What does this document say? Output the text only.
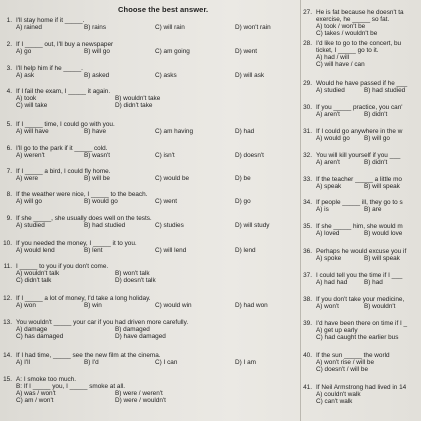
Choose the best answer.
1. I'll stay home if it _____.
A) rained	B) rains	C) will rain	D) won't rain
2. If I _____ out, I'll buy a newspaper
A) go	B) will go	C) am going	D) went
3. I'll help him if he _____.
A) ask	B) asked	C) asks	D) will ask
4. If I fail the exam, I _____ it again.
A) took	B) wouldn't take
C) will take	D) didn't take
5. If I _____ time, I could go with you.
A) will have	B) have	C) am having	D) had
6. I'll go to the park if it _____ cold.
A) weren't	B) wasn't	C) isn't	D) doesn't
7. If I _____ a bird, I could fly home.
A) were	B) will be	C) would be	D) be
8. If the weather were nice, I _____ to the beach.
A) will go	B) would go	C) went	D) go
9. If she _____, she usually does well on the tests.
A) studied	B) had studied	C) studies	D) will study
10. If you needed the money, I _____ it to you.
A) would lend	B) lent	C) will lend	D) lend
11. I _____ to you if you don't come.
A) wouldn't talk	B) won't talk
C) didn't talk	D) doesn't talk
12. If I _____ a lot of money, I'd take a long holiday.
A) won	B) win	C) would win	D) had won
13. You wouldn't _____ your car if you had driven more carefully.
A) damage	B) damaged
C) has damaged	D) have damaged
14. If I had time, _____ see the new film at the cinema.
A) I'll	B) I'd	C) I can	D) I am
15. A: I smoke too much.
B: If I _____ you, I _____ smoke at all.
A) was / won't	B) were / weren't
C) am / won't	D) were / wouldn't
27. He is fat because he doesn't ta
exercise, he _____ so fat.
A) took / won't be
C) takes / wouldn't be
28. I'd like to go to the concert, bu
ticket, I _____ go to it.
A) had / will
C) will have / can
29. Would he have passed if he ___
A) studied	B) had studied
30. If you _____ practice, you can'
A) aren't	B) didn't
31. If I could go anywhere in the w
A) would go B) will go
32. You will kill yourself if you ___
A) aren't	B) didn't
33. If the teacher _____ a little mo
A) speak	B) will speak
34. If people _____ ill, they go to s
A) is	B) are
35. If she _____ him, she would m
A) loved	B) would love
36. Perhaps he would excuse you if
A) spoke	B) will speak
37. I could tell you the time if I ___
A) had had	B) had
38. If you don't take your medicine,
A) won't	B) wouldn't
39. I'd have been there on time if I _
A) get up early
C) had caught the earlier bus
40. If the sun _____ the world
A) won't rise / will be
C) doesn't / will be
41. If Neil Armstrong had lived in 14
A) couldn't walk
C) can't walk
